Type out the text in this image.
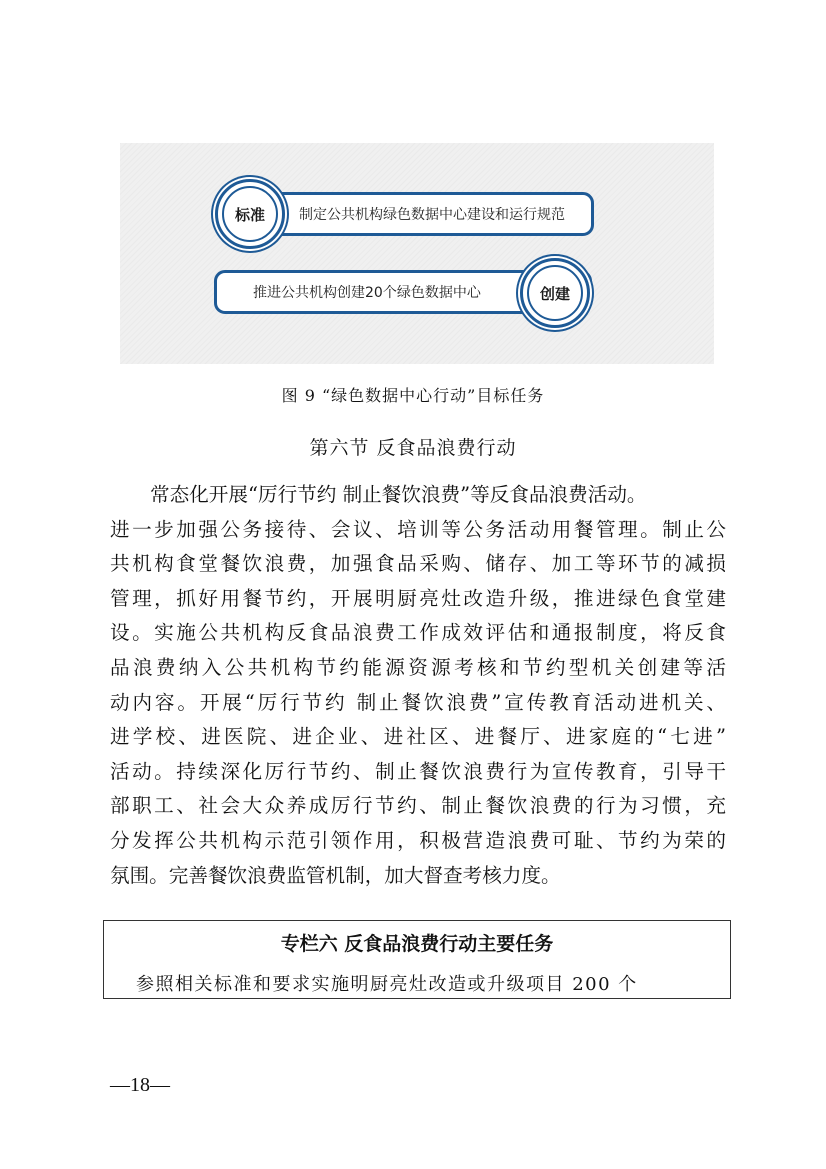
制定公共机构绿色数据中心建设和运行规范
标准
推进公共机构创建20个绿色数据中心	创建
图 9 “绿色数据中心行动”目标任务
第六节 反食品浪费行动
常态化开展“厉行节约 制止餐饮浪费”等反食品浪费活动。
进一步加强公务接待、会议、培训等公务活动用餐管理。制止公
共机构食堂餐饮浪费，加强食品采购、储存、加工等环节的减损
管理，抓好用餐节约，开展明厨亮灶改造升级，推进绿色食堂建
设。实施公共机构反食品浪费工作成效评估和通报制度，将反食
品浪费纳入公共机构节约能源资源考核和节约型机关创建等活
动内容。开展“厉行节约 制止餐饮浪费”宣传教育活动进机关、
进学校、进医院、进企业、进社区、进餐厅、进家庭的“七进”
活动。持续深化厉行节约、制止餐饮浪费行为宣传教育，引导干
部职工、社会大众养成厉行节约、制止餐饮浪费的行为习惯，充
分发挥公共机构示范引领作用，积极营造浪费可耻、节约为荣的
氛围。完善餐饮浪费监管机制，加大督查考核力度。
专栏六 反食品浪费行动主要任务
参照相关标准和要求实施明厨亮灶改造或升级项目 200 个
—18—
